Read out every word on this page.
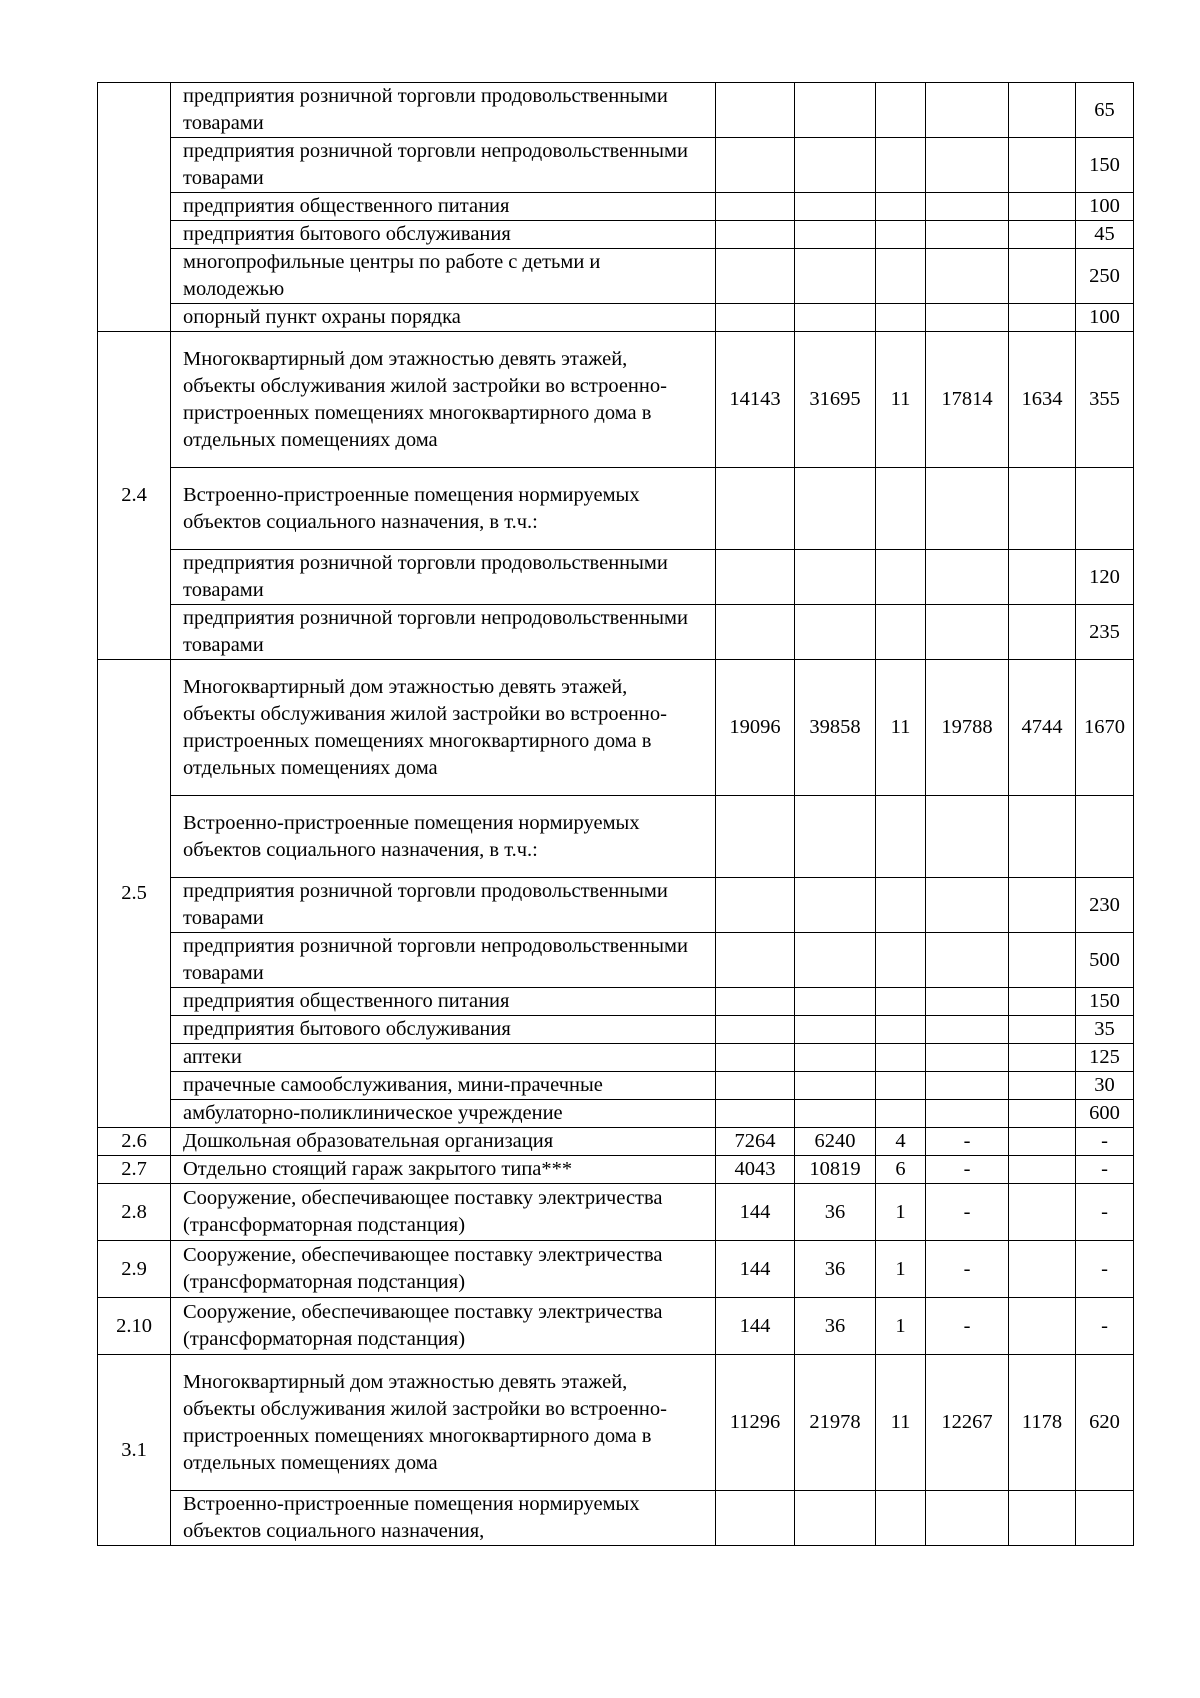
	предприятия розничной торговли продовольственными товарами						65
	предприятия розничной торговли непродовольственными товарами						150
	предприятия общественного питания						100
	предприятия бытового обслуживания						45
	многопрофильные центры по работе с детьми и молодежью						250
	опорный пункт охраны порядка						100
2.4	Многоквартирный дом этажностью девять этажей, объекты обслуживания жилой застройки во встроенно-пристроенных помещениях многоквартирного дома в отдельных помещениях дома	14143	31695	11	17814	1634	355
	Встроенно-пристроенные помещения нормируемых объектов социального назначения, в т.ч.:						
	предприятия розничной торговли продовольственными товарами						120
	предприятия розничной торговли непродовольственными товарами						235
2.5	Многоквартирный дом этажностью девять этажей, объекты обслуживания жилой застройки во встроенно-пристроенных помещениях многоквартирного дома в отдельных помещениях дома	19096	39858	11	19788	4744	1670
	Встроенно-пристроенные помещения нормируемых объектов социального назначения, в т.ч.:						
	предприятия розничной торговли продовольственными товарами						230
	предприятия розничной торговли непродовольственными товарами						500
	предприятия общественного питания						150
	предприятия бытового обслуживания						35
	аптеки						125
	прачечные самообслуживания, мини-прачечные						30
	амбулаторно-поликлиническое учреждение						600
2.6	Дошкольная образовательная организация	7264	6240	4	-		-
2.7	Отдельно стоящий гараж закрытого типа***	4043	10819	6	-		-
2.8	Сооружение, обеспечивающее поставку электричества (трансформаторная подстанция)	144	36	1	-		-
2.9	Сооружение, обеспечивающее поставку электричества (трансформаторная подстанция)	144	36	1	-		-
2.10	Сооружение, обеспечивающее поставку электричества (трансформаторная подстанция)	144	36	1	-		-
3.1	Многоквартирный дом этажностью девять этажей, объекты обслуживания жилой застройки во встроенно-пристроенных помещениях многоквартирного дома в отдельных помещениях дома	11296	21978	11	12267	1178	620
	Встроенно-пристроенные помещения нормируемых объектов социального назначения,						
